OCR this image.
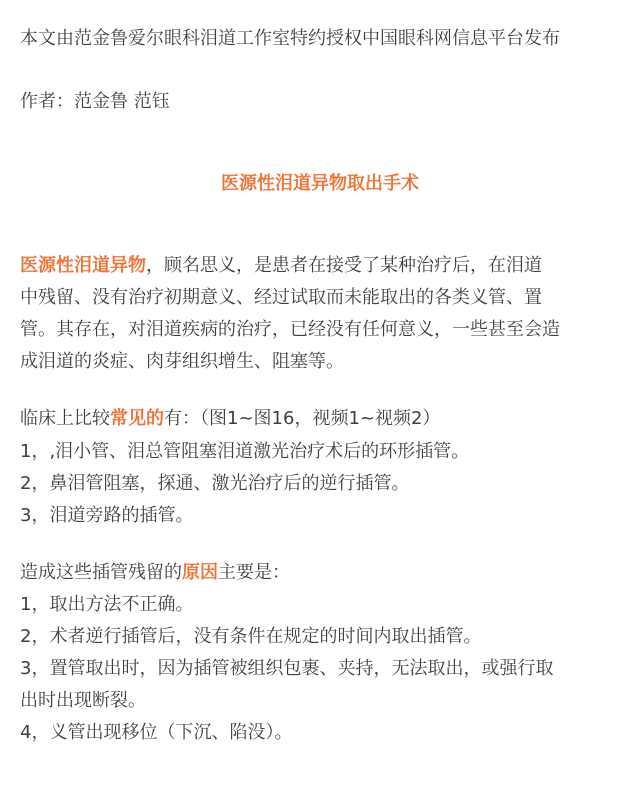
本文由范金鲁爱尔眼科泪道工作室特约授权中国眼科网信息平台发布
作者：范金鲁 范钰
医源性泪道异物取出手术
医源性泪道异物，顾名思义，是患者在接受了某种治疗后，在泪道
中残留、没有治疗初期意义、经过试取而未能取出的各类义管、置
管。其存在，对泪道疾病的治疗，已经没有任何意义，一些甚至会造
成泪道的炎症、肉芽组织增生、阻塞等。
临床上比较常见的有：（图1~图16，视频1~视频2）
1，,泪小管、泪总管阻塞泪道激光治疗术后的环形插管。
2，鼻泪管阻塞，探通、激光治疗后的逆行插管。
3，泪道旁路的插管。
造成这些插管残留的原因主要是：
1，取出方法不正确。
2，术者逆行插管后，没有条件在规定的时间内取出插管。
3，置管取出时，因为插管被组织包裹、夹持，无法取出，或强行取
出时出现断裂。
4，义管出现移位（下沉、陷没）。
